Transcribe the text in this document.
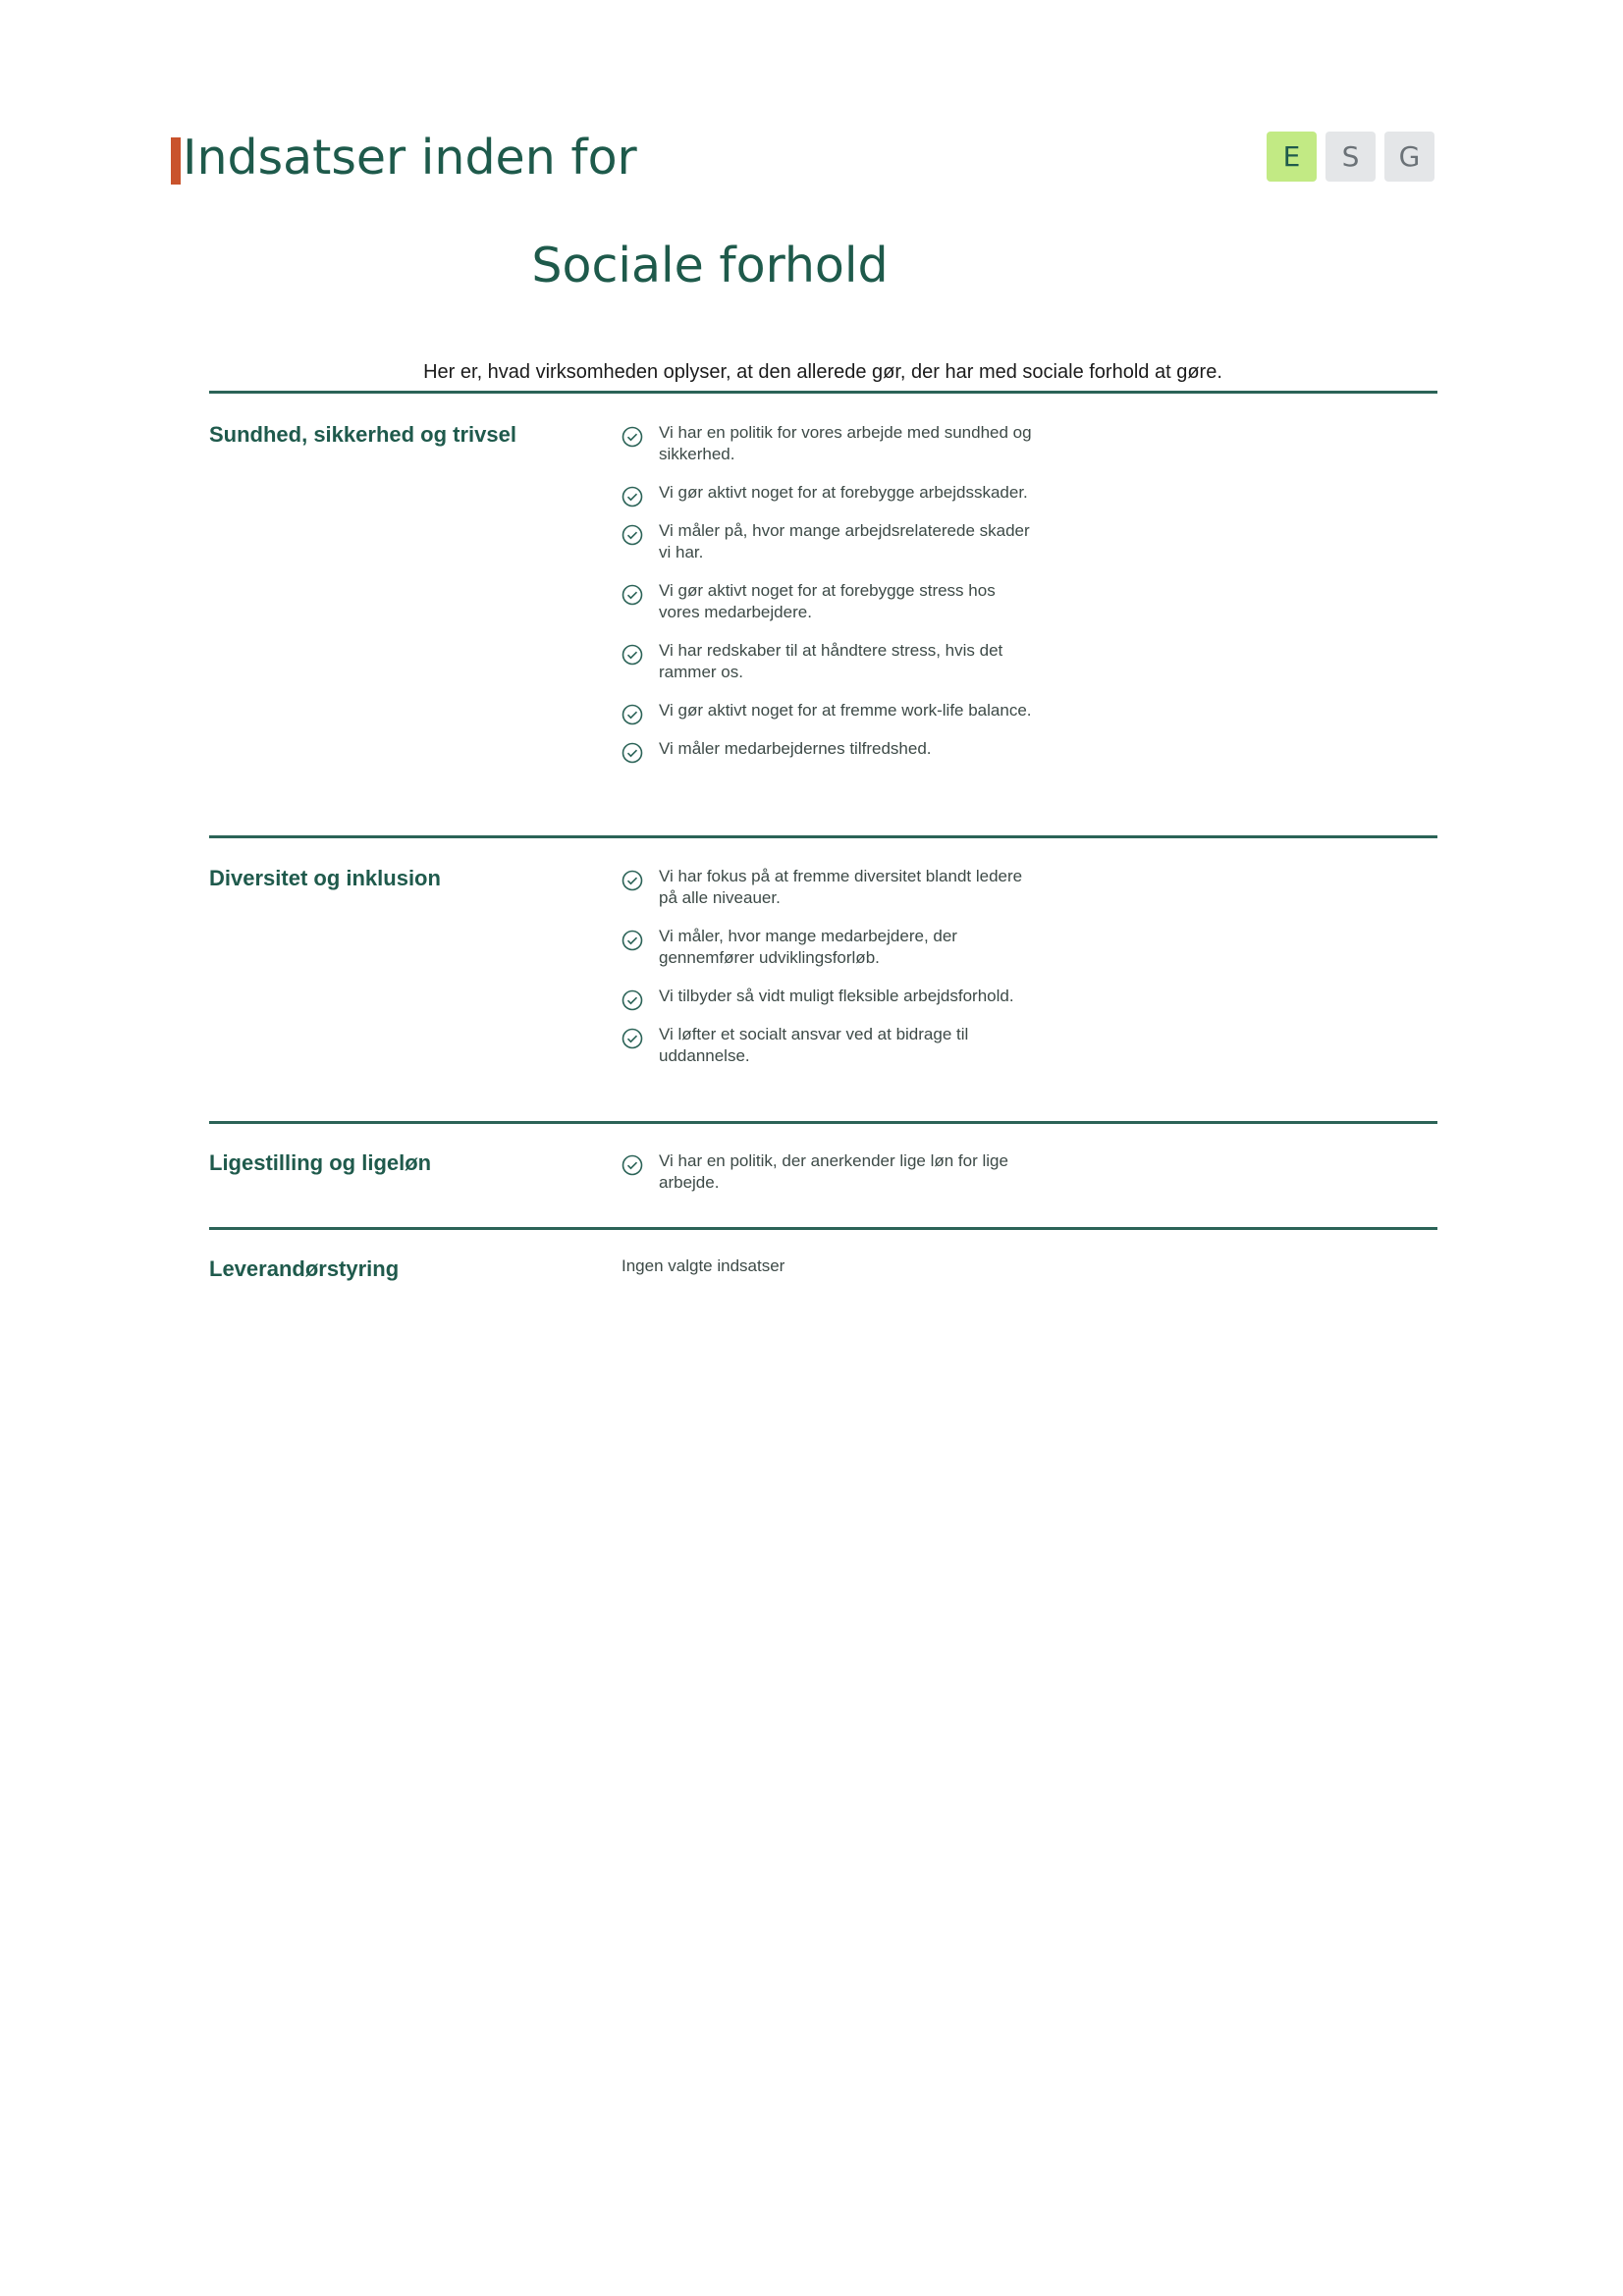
Indsatser inden for	E	S	G
Sociale forhold
Her er, hvad virksomheden oplyser, at den allerede gør, der har med sociale forhold at gøre.
Sundhed, sikkerhed og trivsel	Vi har en politik for vores arbejde med sundhed og sikkerhed.
Vi gør aktivt noget for at forebygge arbejdsskader.
Vi måler på, hvor mange arbejdsrelaterede skader vi har.
Vi gør aktivt noget for at forebygge stress hos vores medarbejdere.
Vi har redskaber til at håndtere stress, hvis det rammer os.
Vi gør aktivt noget for at fremme work-life balance.
Vi måler medarbejdernes tilfredshed.
Diversitet og inklusion	Vi har fokus på at fremme diversitet blandt ledere på alle niveauer.
Vi måler, hvor mange medarbejdere, der gennemfører udviklingsforløb.
Vi tilbyder så vidt muligt fleksible arbejdsforhold.
Vi løfter et socialt ansvar ved at bidrage til uddannelse.
Ligestilling og ligeløn	Vi har en politik, der anerkender lige løn for lige arbejde.
Leverandørstyring	Ingen valgte indsatser
